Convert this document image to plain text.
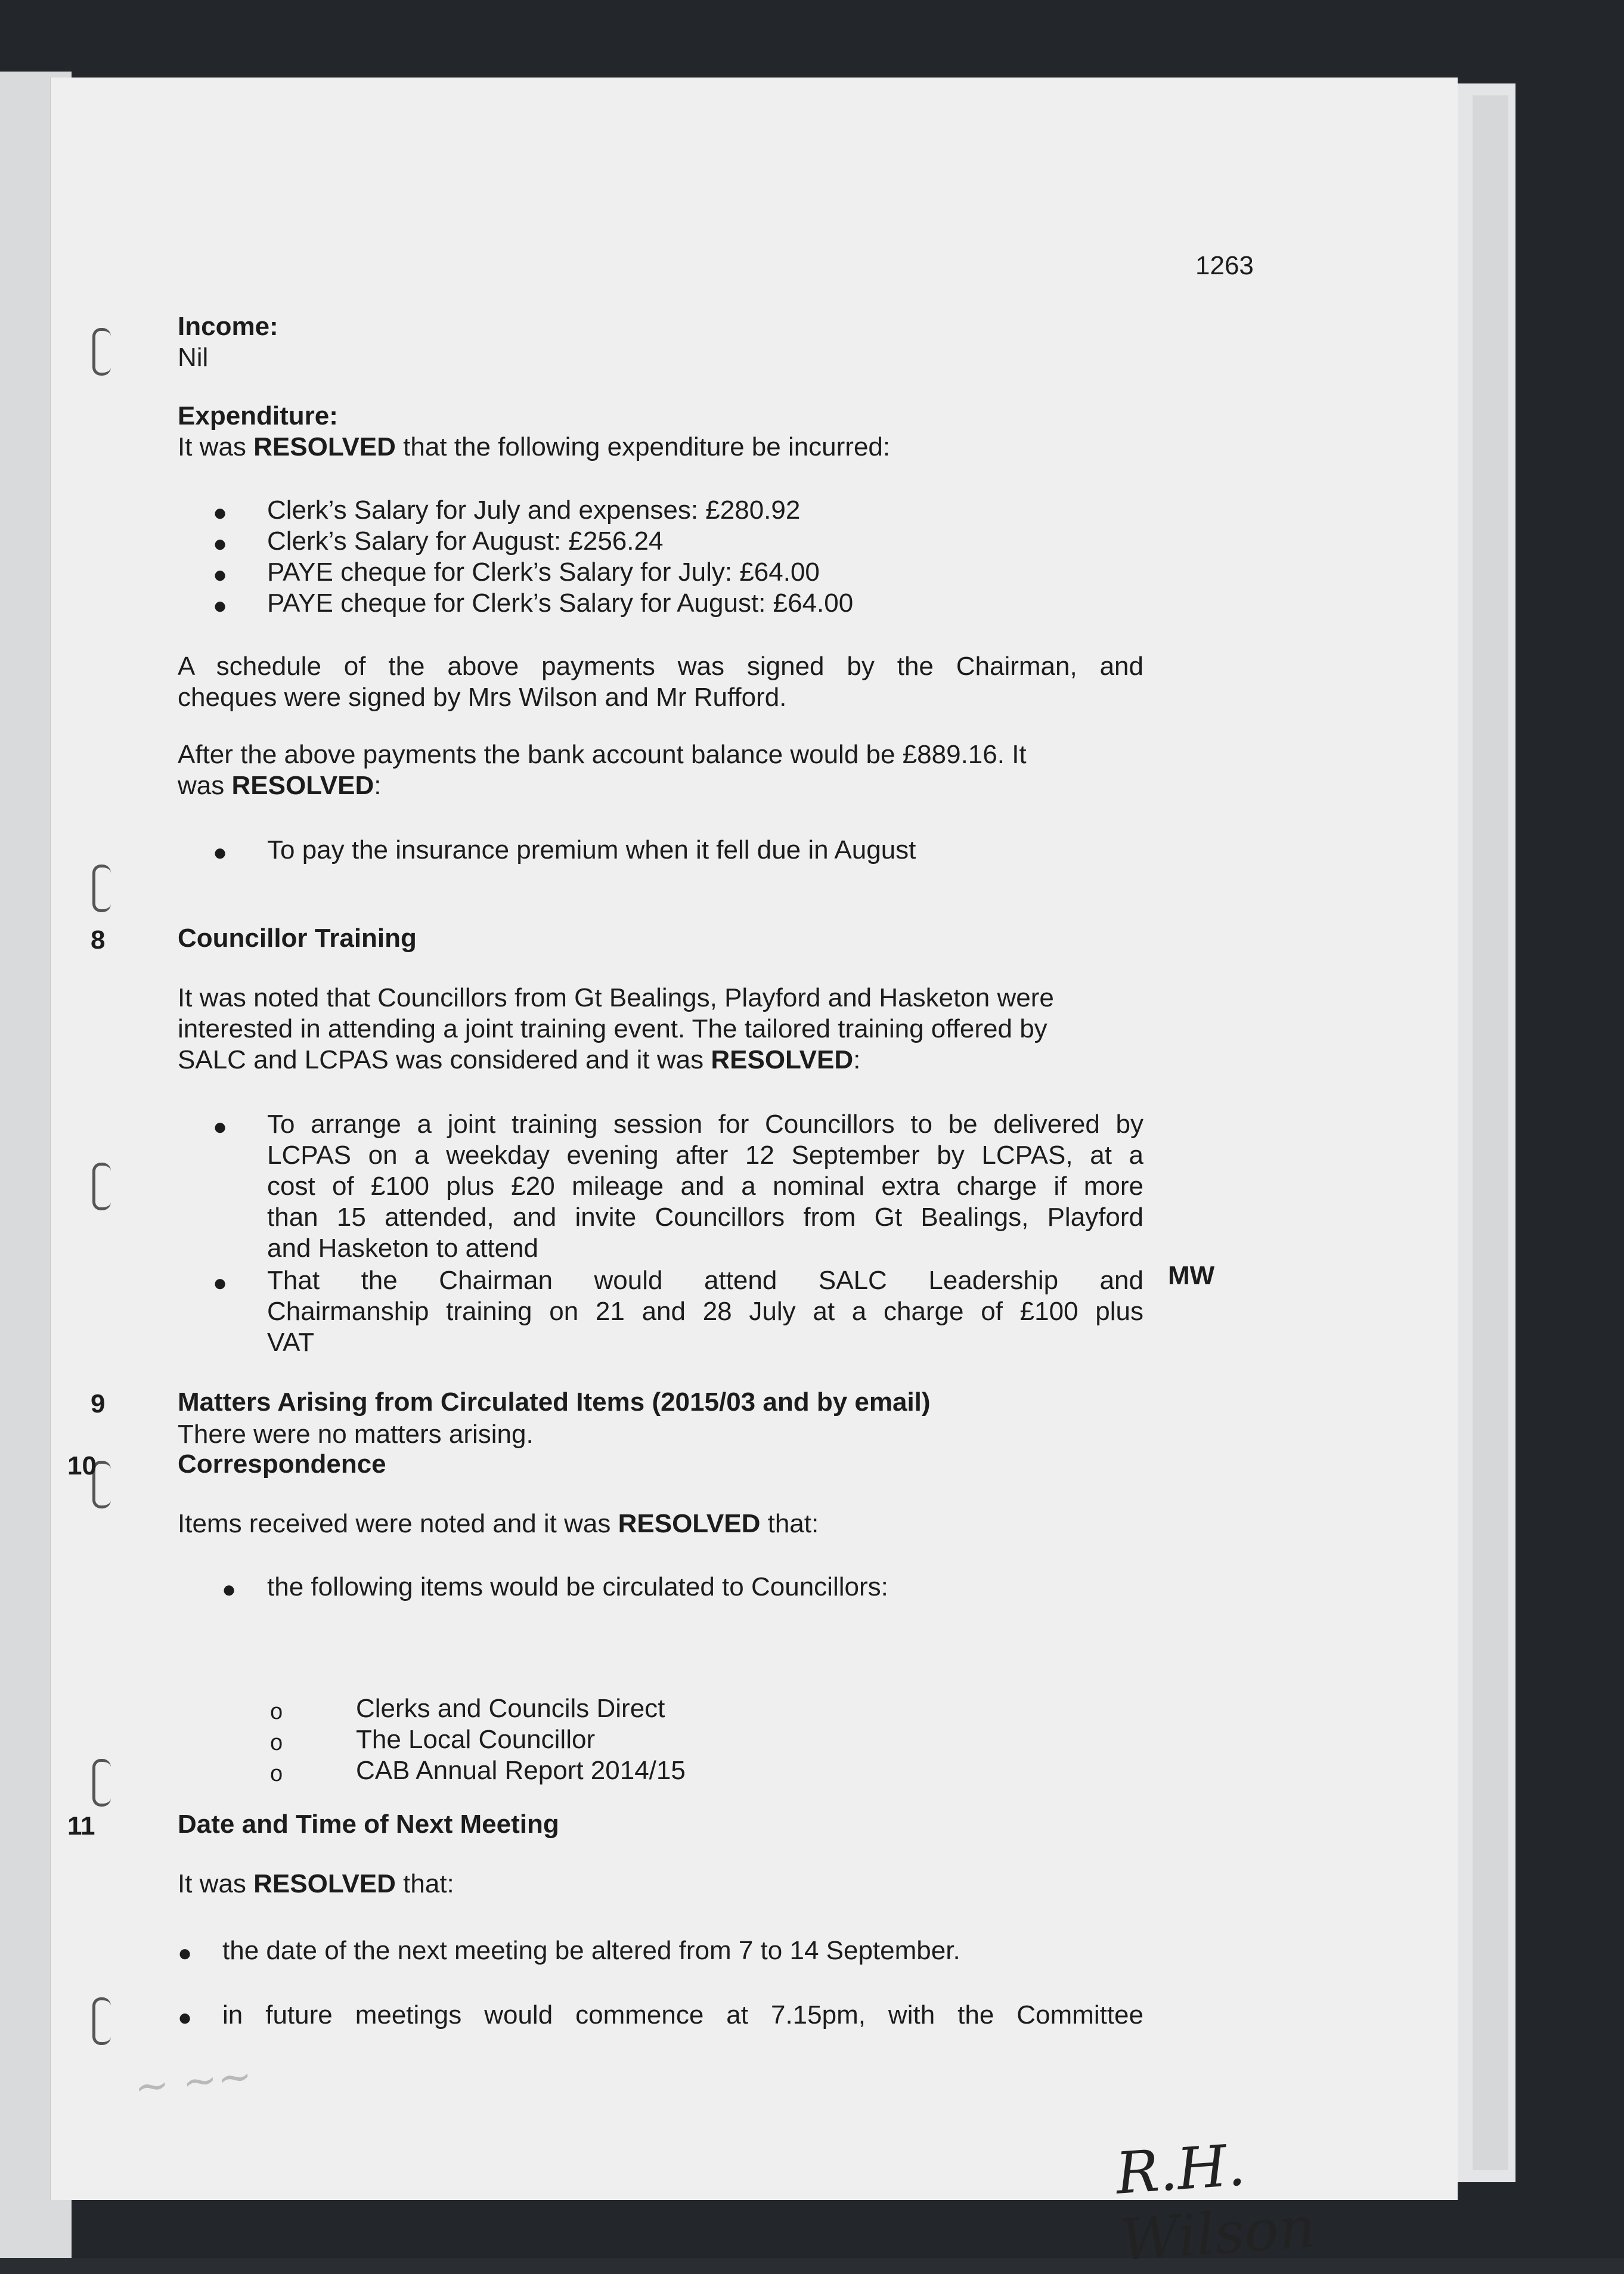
1263
Income:
Nil
Expenditure:
It was RESOLVED that the following expenditure be incurred:
● Clerk’s Salary for July and expenses: £280.92
● Clerk’s Salary for August: £256.24
● PAYE cheque for Clerk’s Salary for July: £64.00
● PAYE cheque for Clerk’s Salary for August: £64.00
A schedule of the above payments was signed by the Chairman, and
cheques were signed by Mrs Wilson and Mr Rufford.
After the above payments the bank account balance would be £889.16. It
was RESOLVED:
● To pay the insurance premium when it fell due in August
8	Councillor Training
It was noted that Councillors from Gt Bealings, Playford and Hasketon were
interested in attending a joint training event. The tailored training offered by
SALC and LCPAS was considered and it was RESOLVED:
● To arrange a joint training session for Councillors to be delivered by
LCPAS on a weekday evening after 12 September by LCPAS, at a
cost of £100 plus £20 mileage and a nominal extra charge if more
than 15 attended, and invite Councillors from Gt Bealings, Playford
and Hasketon to attend
● That the Chairman would attend SALC Leadership and
Chairmanship training on 21 and 28 July at a charge of £100 plus
VAT
MW
9	Matters Arising from Circulated Items (2015/03 and by email)
There were no matters arising.
10	Correspondence
Items received were noted and it was RESOLVED that:
● the following items would be circulated to Councillors:
o	Clerks and Councils Direct
o	The Local Councillor
o	CAB Annual Report 2014/15
11	Date and Time of Next Meeting
It was RESOLVED that:
● the date of the next meeting be altered from 7 to 14 September.
● in future meetings would commence at 7.15pm, with the Committee
~ ~~
R.H. Wilson
